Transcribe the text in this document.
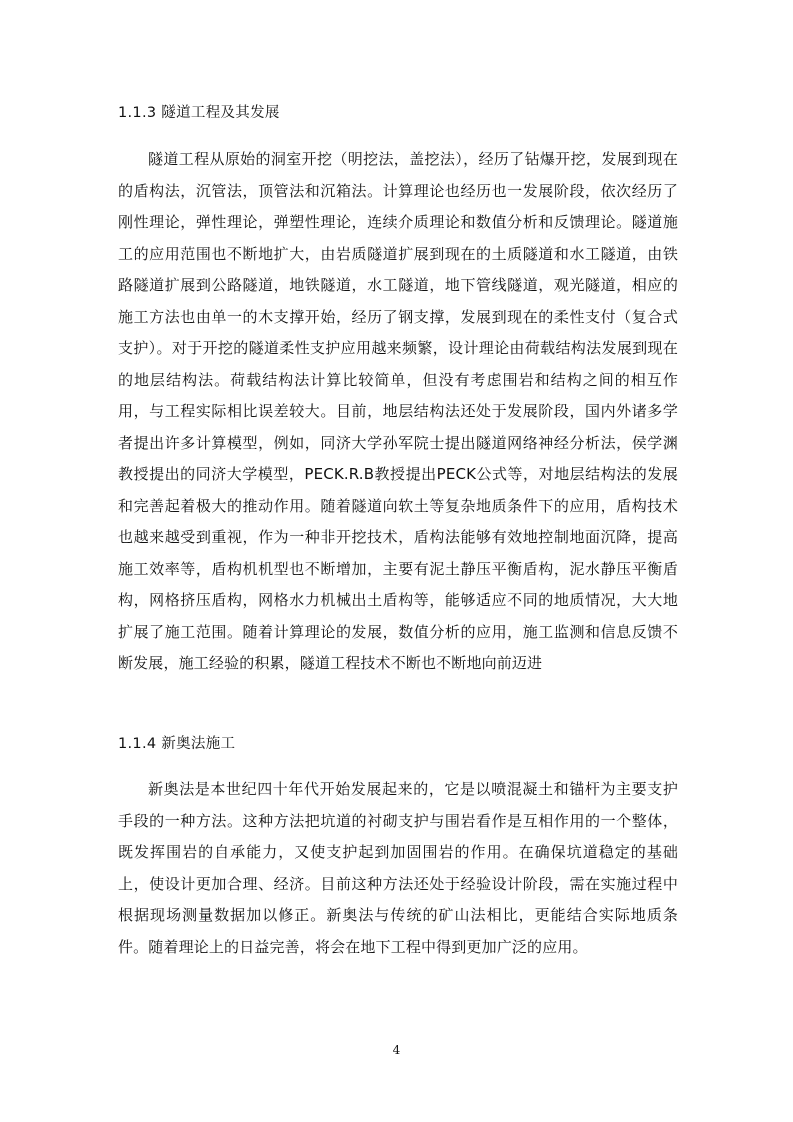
1.1.3 隧道工程及其发展
隧道工程从原始的洞室开挖（明挖法，盖挖法），经历了钻爆开挖，发展到现在的盾构法，沉管法，顶管法和沉箱法。计算理论也经历也一发展阶段，依次经历了刚性理论，弹性理论，弹塑性理论，连续介质理论和数值分析和反馈理论。隧道施工的应用范围也不断地扩大，由岩质隧道扩展到现在的土质隧道和水工隧道，由铁路隧道扩展到公路隧道，地铁隧道，水工隧道，地下管线隧道，观光隧道，相应的施工方法也由单一的木支撑开始，经历了钢支撑，发展到现在的柔性支付（复合式支护）。对于开挖的隧道柔性支护应用越来频繁，设计理论由荷载结构法发展到现在的地层结构法。荷载结构法计算比较简单，但没有考虑围岩和结构之间的相互作用，与工程实际相比误差较大。目前，地层结构法还处于发展阶段，国内外诸多学者提出许多计算模型，例如，同济大学孙军院士提出隧道网络神经分析法，侯学渊教授提出的同济大学模型，PECK.R.B教授提出PECK公式等，对地层结构法的发展和完善起着极大的推动作用。随着隧道向软土等复杂地质条件下的应用，盾构技术也越来越受到重视，作为一种非开挖技术，盾构法能够有效地控制地面沉降，提高施工效率等，盾构机机型也不断增加，主要有泥土静压平衡盾构，泥水静压平衡盾构，网格挤压盾构，网格水力机械出土盾构等，能够适应不同的地质情况，大大地扩展了施工范围。随着计算理论的发展，数值分析的应用，施工监测和信息反馈不断发展，施工经验的积累，隧道工程技术不断也不断地向前迈进
1.1.4 新奥法施工
新奥法是本世纪四十年代开始发展起来的，它是以喷混凝土和锚杆为主要支护手段的一种方法。这种方法把坑道的衬砌支护与围岩看作是互相作用的一个整体，既发挥围岩的自承能力，又使支护起到加固围岩的作用。在确保坑道稳定的基础上，使设计更加合理、经济。目前这种方法还处于经验设计阶段，需在实施过程中根据现场测量数据加以修正。新奥法与传统的矿山法相比，更能结合实际地质条件。随着理论上的日益完善，将会在地下工程中得到更加广泛的应用。
4
